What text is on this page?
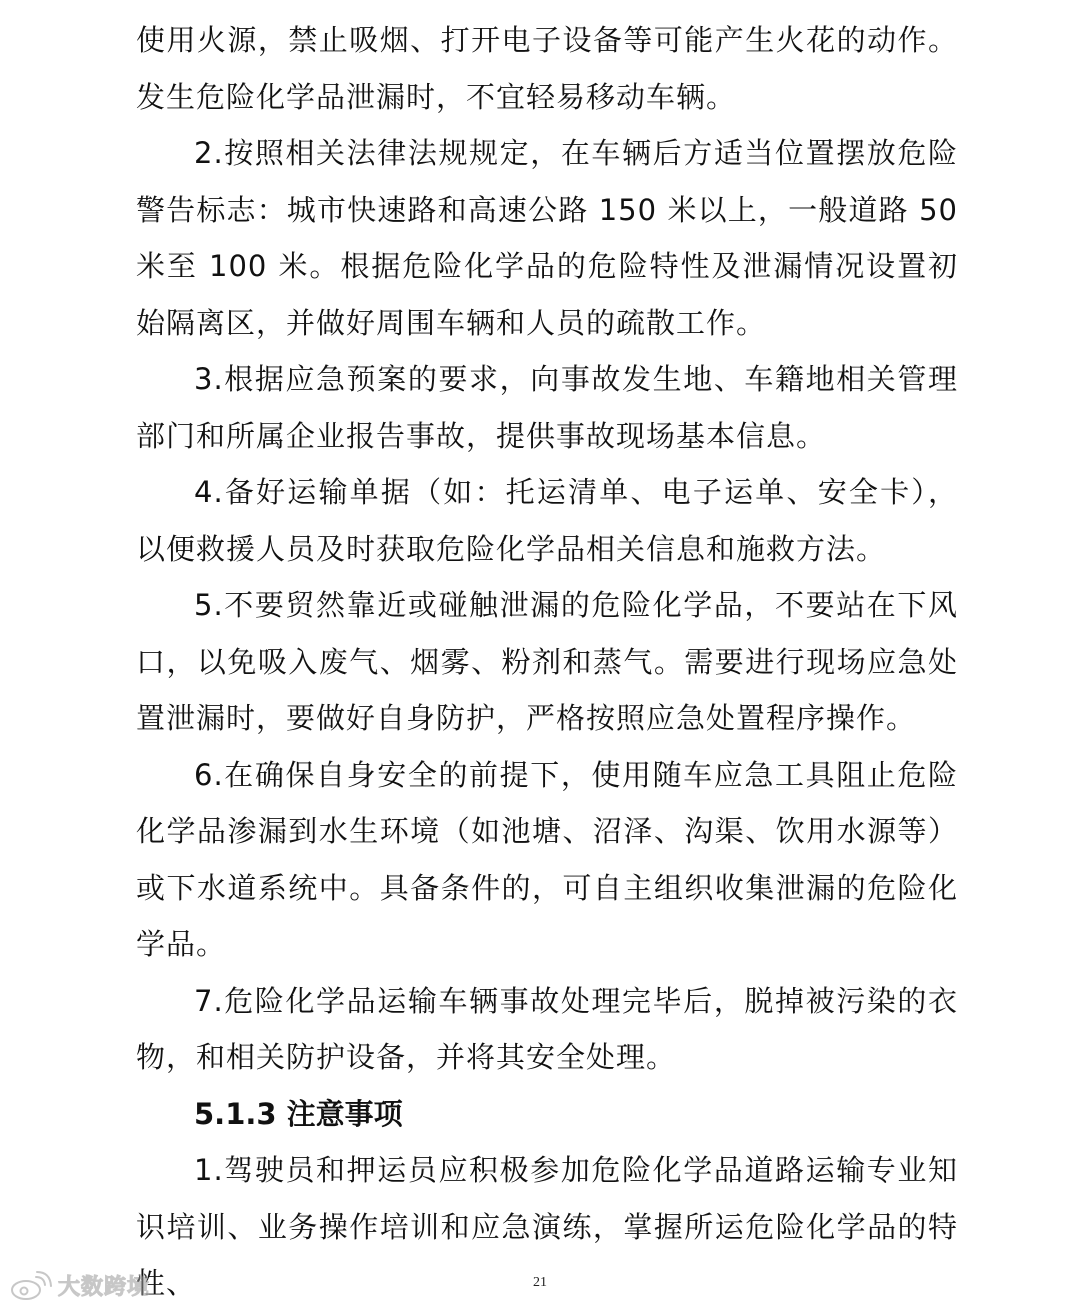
使用火源，禁止吸烟、打开电子设备等可能产生火花的动作。发生危险化学品泄漏时，不宜轻易移动车辆。

2.按照相关法律法规规定，在车辆后方适当位置摆放危险警告标志：城市快速路和高速公路 150 米以上，一般道路 50 米至 100 米。根据危险化学品的危险特性及泄漏情况设置初始隔离区，并做好周围车辆和人员的疏散工作。

3.根据应急预案的要求，向事故发生地、车籍地相关管理部门和所属企业报告事故，提供事故现场基本信息。

4.备好运输单据（如：托运清单、电子运单、安全卡），以便救援人员及时获取危险化学品相关信息和施救方法。

5.不要贸然靠近或碰触泄漏的危险化学品，不要站在下风口，以免吸入废气、烟雾、粉剂和蒸气。需要进行现场应急处置泄漏时，要做好自身防护，严格按照应急处置程序操作。

6.在确保自身安全的前提下，使用随车应急工具阻止危险化学品渗漏到水生环境（如池塘、沼泽、沟渠、饮用水源等）或下水道系统中。具备条件的，可自主组织收集泄漏的危险化学品。

7.危险化学品运输车辆事故处理完毕后，脱掉被污染的衣物，和相关防护设备，并将其安全处理。

5.1.3 注意事项

1.驾驶员和押运员应积极参加危险化学品道路运输专业知识培训、业务操作培训和应急演练，掌握所运危险化学品的特性、	21
大数跨境
